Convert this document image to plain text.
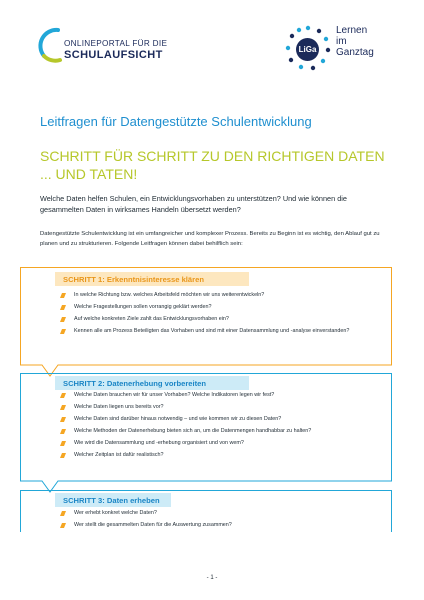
ONLINEPORTAL FÜR DIE
SCHULAUFSICHT	LiGa
Lernen
im
Ganztag
Leitfragen für Datengestützte Schulentwicklung
SCHRITT FÜR SCHRITT ZU DEN RICHTIGEN DATEN
... UND TATEN!
Welche Daten helfen Schulen, ein Entwicklungsvorhaben zu unterstützen? Und wie können die gesammelten Daten in wirksames Handeln übersetzt werden?
Datengestützte Schulentwicklung ist ein umfangreicher und komplexer Prozess. Bereits zu Beginn ist es wichtig, den Ablauf gut zu planen und zu strukturieren. Folgende Leitfragen können dabei behilflich sein:
SCHRITT 1: Erkenntnisinteresse klären
SCHRITT 2: Datenerhebung vorbereiten
SCHRITT 3: Daten erheben
In welche Richtung bzw. welches Arbeitsfeld möchten wir uns weiterentwickeln?
Welche Fragestellungen sollen vorrangig geklärt werden?
Auf welche konkreten Ziele zahlt das Entwicklungsvorhaben ein?
Kennen alle am Prozess Beteiligten das Vorhaben und sind mit einer Datensammlung und -analyse einverstanden?
Welche Daten brauchen wir für unser Vorhaben? Welche Indikatoren legen wir fest?
Welche Daten liegen uns bereits vor?
Welche Daten sind darüber hinaus notwendig – und wie kommen wir zu diesen Daten?
Welche Methoden der Datenerhebung bieten sich an, um die Datenmengen handhabbar zu halten?
Wie wird die Datensammlung und -erhebung organisiert und von wem?
Welcher Zeitplan ist dafür realistisch?
Wer erhebt konkret welche Daten?
Wer stellt die gesammelten Daten für die Auswertung zusammen?
- 1 -
